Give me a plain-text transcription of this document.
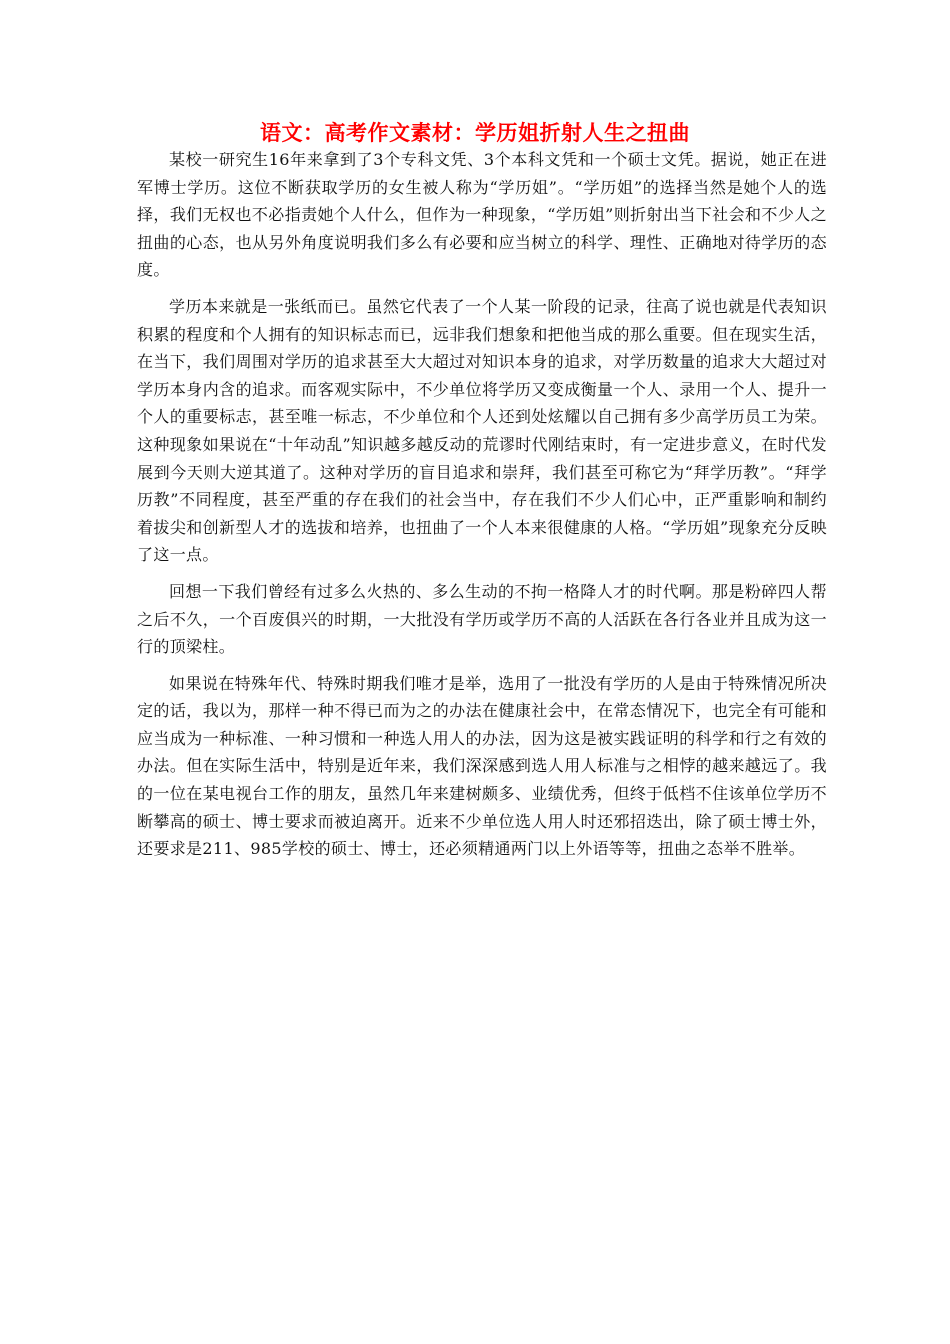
语文：高考作文素材：学历姐折射人生之扭曲

某校一研究生16年来拿到了3个专科文凭、3个本科文凭和一个硕士文凭。据说，她正在进军博士学历。这位不断获取学历的女生被人称为“学历姐”。“学历姐”的选择当然是她个人的选择，我们无权也不必指责她个人什么，但作为一种现象，“学历姐”则折射出当下社会和不少人之扭曲的心态，也从另外角度说明我们多么有必要和应当树立的科学、理性、正确地对待学历的态度。

学历本来就是一张纸而已。虽然它代表了一个人某一阶段的记录，往高了说也就是代表知识积累的程度和个人拥有的知识标志而已，远非我们想象和把他当成的那么重要。但在现实生活，在当下，我们周围对学历的追求甚至大大超过对知识本身的追求，对学历数量的追求大大超过对学历本身内含的追求。而客观实际中，不少单位将学历又变成衡量一个人、录用一个人、提升一个人的重要标志，甚至唯一标志，不少单位和个人还到处炫耀以自己拥有多少高学历员工为荣。这种现象如果说在“十年动乱”知识越多越反动的荒谬时代刚结束时，有一定进步意义，在时代发展到今天则大逆其道了。这种对学历的盲目追求和崇拜，我们甚至可称它为“拜学历教”。“拜学历教”不同程度，甚至严重的存在我们的社会当中，存在我们不少人们心中，正严重影响和制约着拔尖和创新型人才的选拔和培养，也扭曲了一个人本来很健康的人格。“学历姐”现象充分反映了这一点。

回想一下我们曾经有过多么火热的、多么生动的不拘一格降人才的时代啊。那是粉碎四人帮之后不久，一个百废俱兴的时期，一大批没有学历或学历不高的人活跃在各行各业并且成为这一行的顶梁柱。

如果说在特殊年代、特殊时期我们唯才是举，选用了一批没有学历的人是由于特殊情况所决定的话，我以为，那样一种不得已而为之的办法在健康社会中，在常态情况下，也完全有可能和应当成为一种标准、一种习惯和一种选人用人的办法，因为这是被实践证明的科学和行之有效的办法。但在实际生活中，特别是近年来，我们深深感到选人用人标准与之相悖的越来越远了。我的一位在某电视台工作的朋友，虽然几年来建树颇多、业绩优秀，但终于低档不住该单位学历不断攀高的硕士、博士要求而被迫离开。近来不少单位选人用人时还邪招迭出，除了硕士博士外，还要求是211、985学校的硕士、博士，还必须精通两门以上外语等等，扭曲之态举不胜举。
